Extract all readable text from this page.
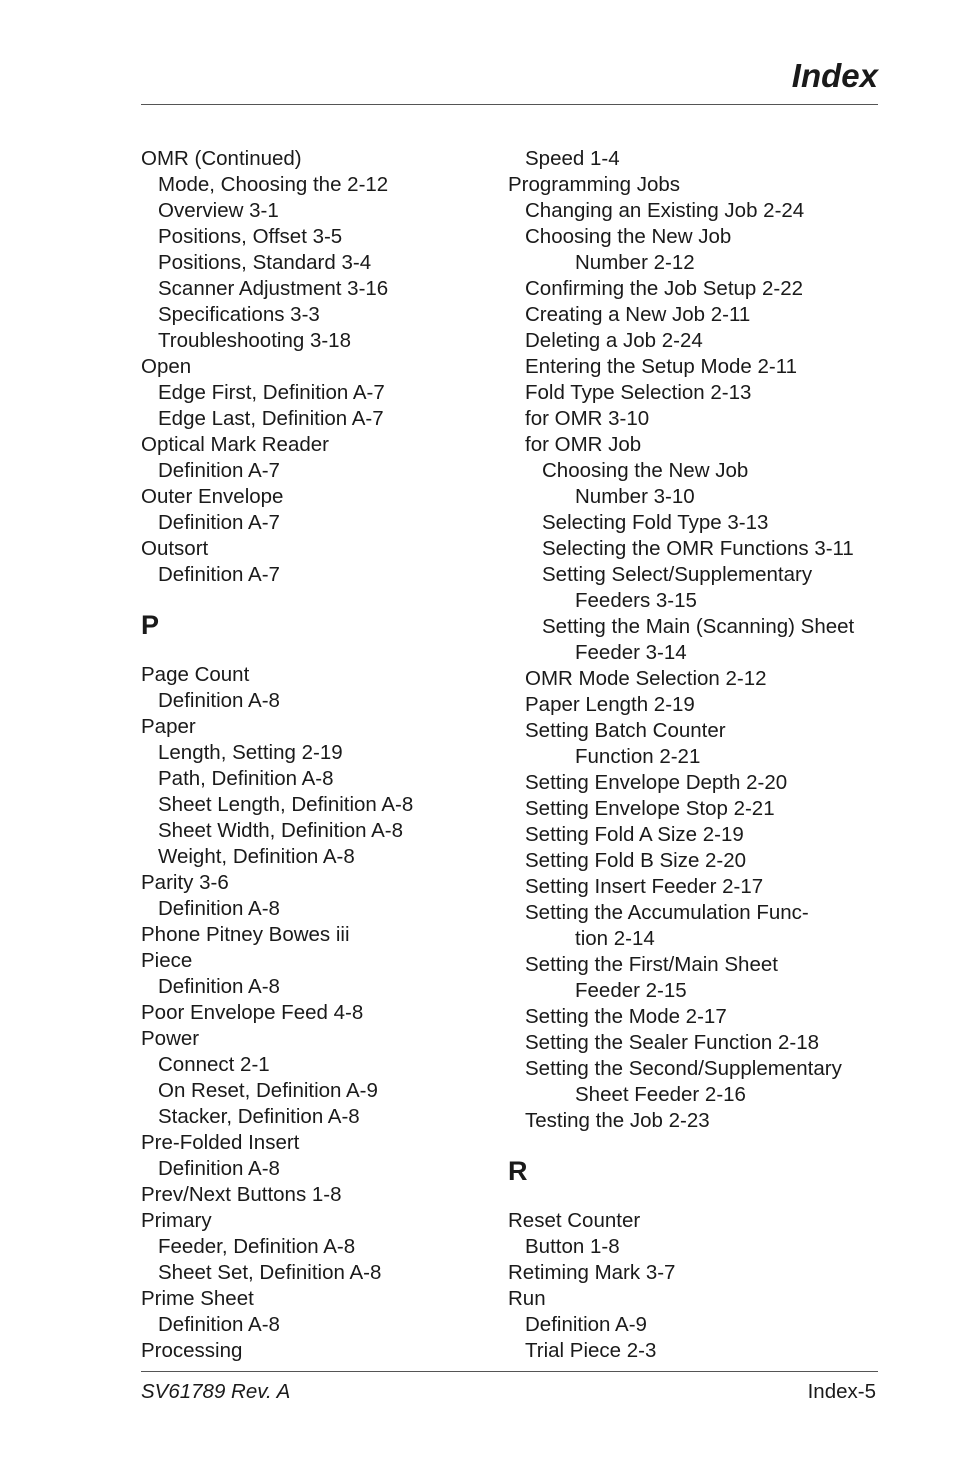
Index
OMR (Continued)
Mode, Choosing the 2-12
Overview 3-1
Positions, Offset 3-5
Positions, Standard 3-4
Scanner Adjustment 3-16
Specifications 3-3
Troubleshooting 3-18
Open
Edge First, Definition A-7
Edge Last, Definition A-7
Optical Mark Reader
Definition A-7
Outer Envelope
Definition A-7
Outsort
Definition A-7
P
Page Count
Definition A-8
Paper
Length, Setting 2-19
Path, Definition A-8
Sheet Length, Definition A-8
Sheet Width, Definition A-8
Weight, Definition A-8
Parity 3-6
Definition A-8
Phone Pitney Bowes iii
Piece
Definition A-8
Poor Envelope Feed 4-8
Power
Connect 2-1
On Reset, Definition A-9
Stacker, Definition A-8
Pre-Folded Insert
Definition A-8
Prev/Next Buttons 1-8
Primary
Feeder, Definition A-8
Sheet Set, Definition A-8
Prime Sheet
Definition A-8
Processing
Speed 1-4
Programming Jobs
Changing an Existing Job 2-24
Choosing the New Job
Number 2-12
Confirming the Job Setup 2-22
Creating a New Job 2-11
Deleting a Job 2-24
Entering the Setup Mode 2-11
Fold Type Selection 2-13
for OMR 3-10
for OMR Job
Choosing the New Job
Number 3-10
Selecting Fold Type 3-13
Selecting the OMR Functions 3-11
Setting Select/Supplementary
Feeders 3-15
Setting the Main (Scanning) Sheet
Feeder 3-14
OMR Mode Selection 2-12
Paper Length 2-19
Setting Batch Counter
Function 2-21
Setting Envelope Depth 2-20
Setting Envelope Stop 2-21
Setting Fold A Size 2-19
Setting Fold B Size 2-20
Setting Insert Feeder 2-17
Setting the Accumulation Func-
tion 2-14
Setting the First/Main Sheet
Feeder 2-15
Setting the Mode 2-17
Setting the Sealer Function 2-18
Setting the Second/Supplementary
Sheet Feeder 2-16
Testing the Job 2-23
R
Reset Counter
Button 1-8
Retiming Mark 3-7
Run
Definition A-9
Trial Piece 2-3
SV61789 Rev. A	Index-5
